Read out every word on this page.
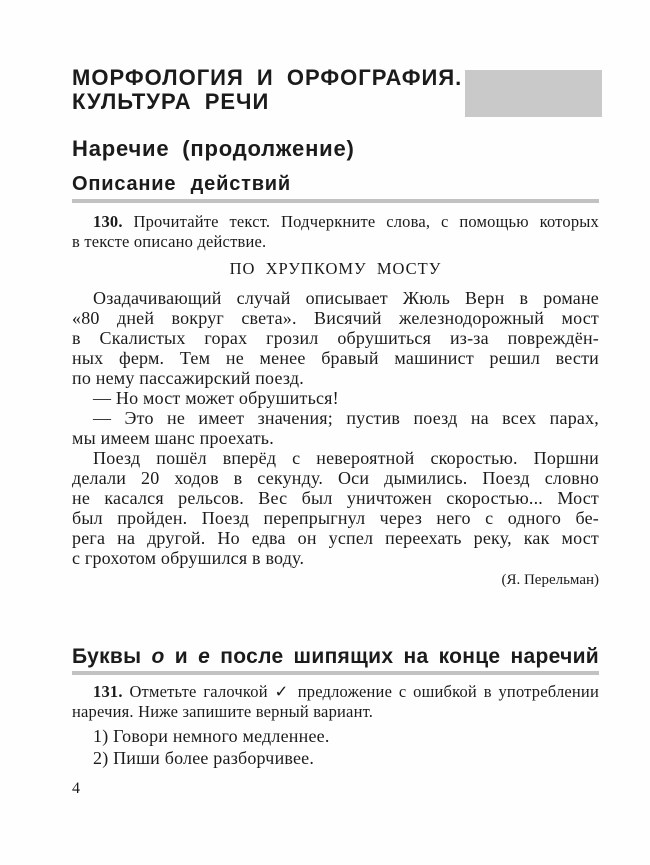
МОРФОЛОГИЯ И ОРФОГРАФИЯ.
КУЛЬТУРА РЕЧИ
Наречие (продолжение)
Описание действий
130. Прочитайте текст. Подчеркните слова, с помощью которых
в тексте описано действие.
ПО ХРУПКОМУ МОСТУ
Озадачивающий случай описывает Жюль Верн в романе
«80 дней вокруг света». Висячий железнодорожный мост
в Скалистых горах грозил обрушиться из-за повреждён-
ных ферм. Тем не менее бравый машинист решил вести
по нему пассажирский поезд.
— Но мост может обрушиться!
— Это не имеет значения; пустив поезд на всех парах,
мы имеем шанс проехать.
Поезд пошёл вперёд с невероятной скоростью. Поршни
делали 20 ходов в секунду. Оси дымились. Поезд словно
не касался рельсов. Вес был уничтожен скоростью... Мост
был пройден. Поезд перепрыгнул через него с одного бе-
рега на другой. Но едва он успел переехать реку, как мост
с грохотом обрушился в воду.
(Я. Перельман)
Буквы о и е после шипящих на конце наречий
131. Отметьте галочкой ✓ предложение с ошибкой в употреблении
наречия. Ниже запишите верный вариант.
1) Говори немного медленнее.
2) Пиши более разборчивее.
4
